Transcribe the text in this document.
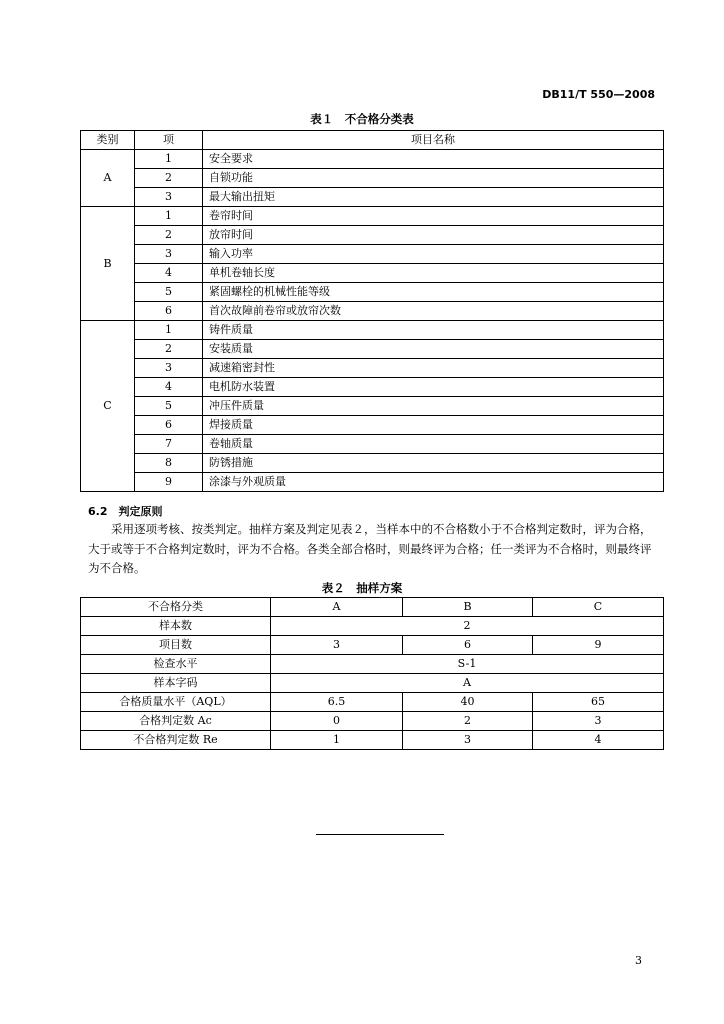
DB11/T 550—2008
表１　不合格分类表
类别	项	项目名称
A	1	安全要求
	2	自锁功能
	3	最大输出扭矩
B	1	卷帘时间
	2	放帘时间
	3	输入功率
	4	单机卷轴长度
	5	紧固螺栓的机械性能等级
	6	首次故障前卷帘或放帘次数
C	1	铸件质量
	2	安装质量
	3	减速箱密封性
	4	电机防水装置
	5	冲压件质量
	6	焊接质量
	7	卷轴质量
	8	防锈措施
	9	涂漆与外观质量
6.2　判定原则

采用逐项考核、按类判定。抽样方案及判定见表２，当样本中的不合格数小于不合格判定数时，评为合格，大于或等于不合格判定数时，评为不合格。各类全部合格时，则最终评为合格；任一类评为不合格时，则最终评为不合格。

表２　抽样方案
不合格分类	A	B	C
样本数	2		
项目数	3	6	9
检查水平	S-1		
样本字码	A		
合格质量水平（AQL）	6.5	40	65
合格判定数 Ac	0	2	3
不合格判定数 Re	1	3	4
3
